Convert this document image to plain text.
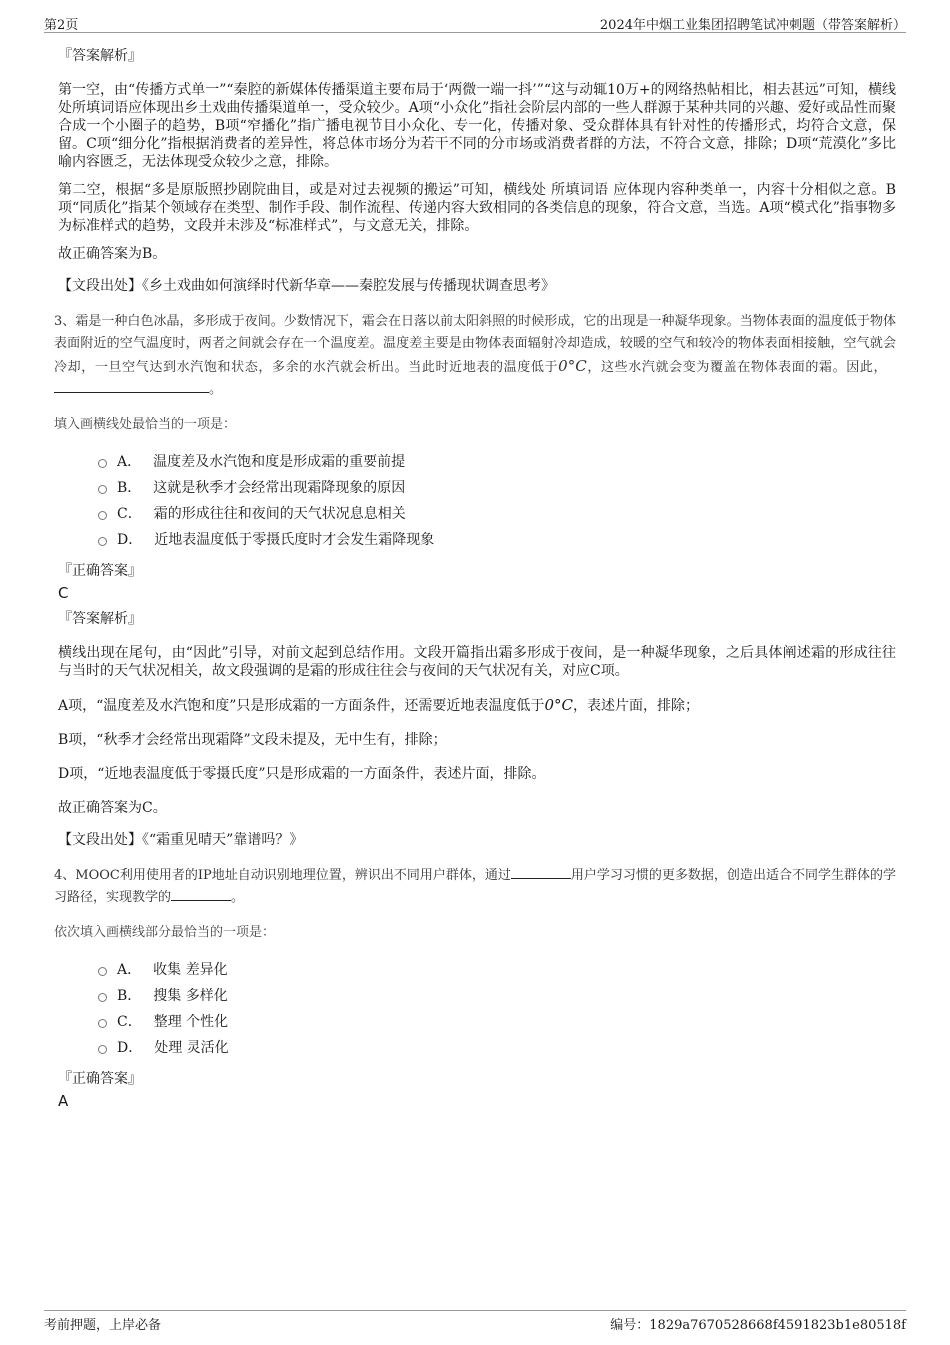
第2页	2024年中烟工业集团招聘笔试冲刺题（带答案解析）
『答案解析』

第一空，由“传播方式单一”“秦腔的新媒体传播渠道主要布局于‘两微一端一抖’”“这与动辄10万+的网络热帖相比，相去甚远”可知，横线处所填词语应体现出乡土戏曲传播渠道单一，受众较少。A项“小众化”指社会阶层内部的一些人群源于某种共同的兴趣、爱好或品性而聚合成一个小圈子的趋势，B项“窄播化”指广播电视节目小众化、专一化，传播对象、受众群体具有针对性的传播形式，均符合文意，保留。C项“细分化”指根据消费者的差异性，将总体市场分为若干不同的分市场或消费者群的方法，不符合文意，排除；D项“荒漠化”多比喻内容匮乏，无法体现受众较少之意，排除。

第二空，根据“多是原版照抄剧院曲目，或是对过去视频的搬运”可知，横线处 所填词语 应体现内容种类单一，内容十分相似之意。B项“同质化”指某个领域存在类型、制作手段、制作流程、传递内容大致相同的各类信息的现象，符合文意，当选。A项“模式化”指事物多为标准样式的趋势，文段并未涉及“标准样式”，与文意无关，排除。

故正确答案为B。

【文段出处】《乡土戏曲如何演绎时代新华章——秦腔发展与传播现状调查思考》

3、霜是一种白色冰晶，多形成于夜间。少数情况下，霜会在日落以前太阳斜照的时候形成，它的出现是一种凝华现象。当物体表面的温度低于物体表面附近的空气温度时，两者之间就会存在一个温度差。温度差主要是由物体表面辐射冷却造成，较暖的空气和较冷的物体表面相接触，空气就会冷却，一旦空气达到水汽饱和状态，多余的水汽就会析出。当此时近地表的温度低于0°C，这些水汽就会变为覆盖在物体表面的霜。因此，  。

填入画横线处最恰当的一项是：

A． 温度差及水汽饱和度是形成霜的重要前提
B． 这就是秋季才会经常出现霜降现象的原因
C． 霜的形成往往和夜间的天气状况息息相关
D． 近地表温度低于零摄氏度时才会发生霜降现象
『正确答案』
C
『答案解析』

横线出现在尾句，由“因此”引导，对前文起到总结作用。文段开篇指出霜多形成于夜间，是一种凝华现象，之后具体阐述霜的形成往往与当时的天气状况相关，故文段强调的是霜的形成往往会与夜间的天气状况有关，对应C项。

A项，“温度差及水汽饱和度”只是形成霜的一方面条件，还需要近地表温度低于0°C，表述片面，排除；

B项，“秋季才会经常出现霜降”文段未提及，无中生有，排除；

D项，“近地表温度低于零摄氏度”只是形成霜的一方面条件，表述片面，排除。

故正确答案为C。

【文段出处】《“霜重见晴天”靠谱吗？》

4、MOOC利用使用者的IP地址自动识别地理位置，辨识出不同用户群体，通过	用户学习习惯的更多数据，创造出适合不同学生群体的学习路径，实现教学的	。

依次填入画横线部分最恰当的一项是：

A． 收集 差异化
B． 搜集 多样化
C． 整理 个性化
D． 处理 灵活化
『正确答案』
A
考前押题，上岸必备	编号：1829a7670528668f4591823b1e80518f
